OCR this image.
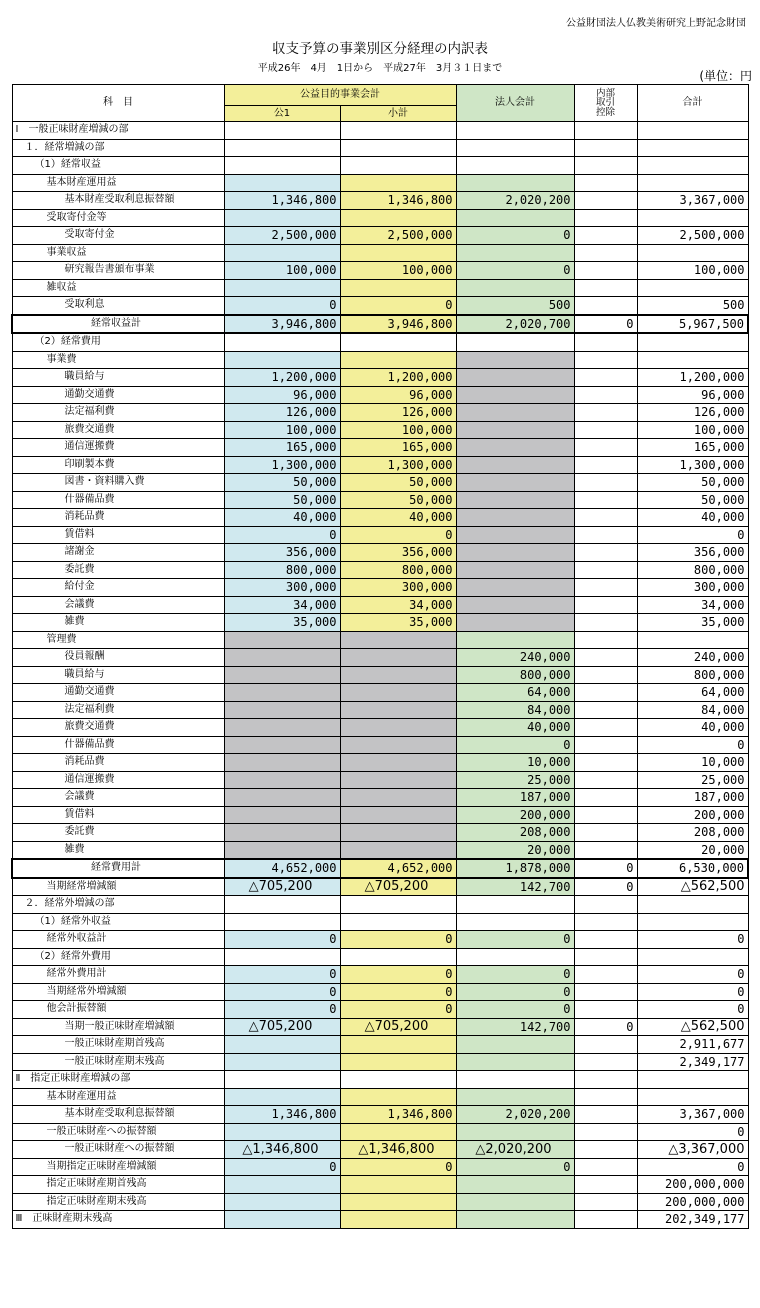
公益財団法人仏教美術研究上野記念財団
収支予算の事業別区分経理の内訳表
平成26年　4月　1日から　平成27年　3月３１日まで
(単位：円
科　目	公益目的事業会計		法人会計	内部
取引
控除	合計
	公1	小計			
Ⅰ　一般正味財産増減の部					
１．経常増減の部					
（1）経常収益					
基本財産運用益					
基本財産受取利息振替額	1,346,800	1,346,800	2,020,200		3,367,000
受取寄付金等					
受取寄付金	2,500,000	2,500,000	0		2,500,000
事業収益					
研究報告書頒布事業	100,000	100,000	0		100,000
雑収益					
受取利息	0	0	500		500
経常収益計	3,946,800	3,946,800	2,020,700	0	5,967,500
（2）経常費用					
事業費					
職員給与	1,200,000	1,200,000			1,200,000
通勤交通費	96,000	96,000			96,000
法定福利費	126,000	126,000			126,000
旅費交通費	100,000	100,000			100,000
通信運搬費	165,000	165,000			165,000
印刷製本費	1,300,000	1,300,000			1,300,000
図書・資料購入費	50,000	50,000			50,000
什器備品費	50,000	50,000			50,000
消耗品費	40,000	40,000			40,000
賃借料	0	0			0
諸謝金	356,000	356,000			356,000
委託費	800,000	800,000			800,000
給付金	300,000	300,000			300,000
会議費	34,000	34,000			34,000
雑費	35,000	35,000			35,000
管理費					
役員報酬			240,000		240,000
職員給与			800,000		800,000
通勤交通費			64,000		64,000
法定福利費			84,000		84,000
旅費交通費			40,000		40,000
什器備品費			0		0
消耗品費			10,000		10,000
通信運搬費			25,000		25,000
会議費			187,000		187,000
賃借料			200,000		200,000
委託費			208,000		208,000
雑費			20,000		20,000
経常費用計	4,652,000	4,652,000	1,878,000	0	6,530,000
当期経常増減額	△705,200	△705,200	142,700	0	△562,500
２．経常外増減の部					
（1）経常外収益					
経常外収益計	0	0	0		0
（2）経常外費用					
経常外費用計	0	0	0		0
当期経常外増減額	0	0	0		0
他会計振替額	0	0	0		0
当期一般正味財産増減額	△705,200	△705,200	142,700	0	△562,500
一般正味財産期首残高					2,911,677
一般正味財産期末残高					2,349,177
Ⅱ　指定正味財産増減の部					
基本財産運用益					
基本財産受取利息振替額	1,346,800	1,346,800	2,020,200		3,367,000
一般正味財産への振替額					0
一般正味財産への振替額	△1,346,800	△1,346,800	△2,020,200		△3,367,000
当期指定正味財産増減額	0	0	0		0
指定正味財産期首残高					200,000,000
指定正味財産期末残高					200,000,000
Ⅲ　正味財産期末残高					202,349,177
